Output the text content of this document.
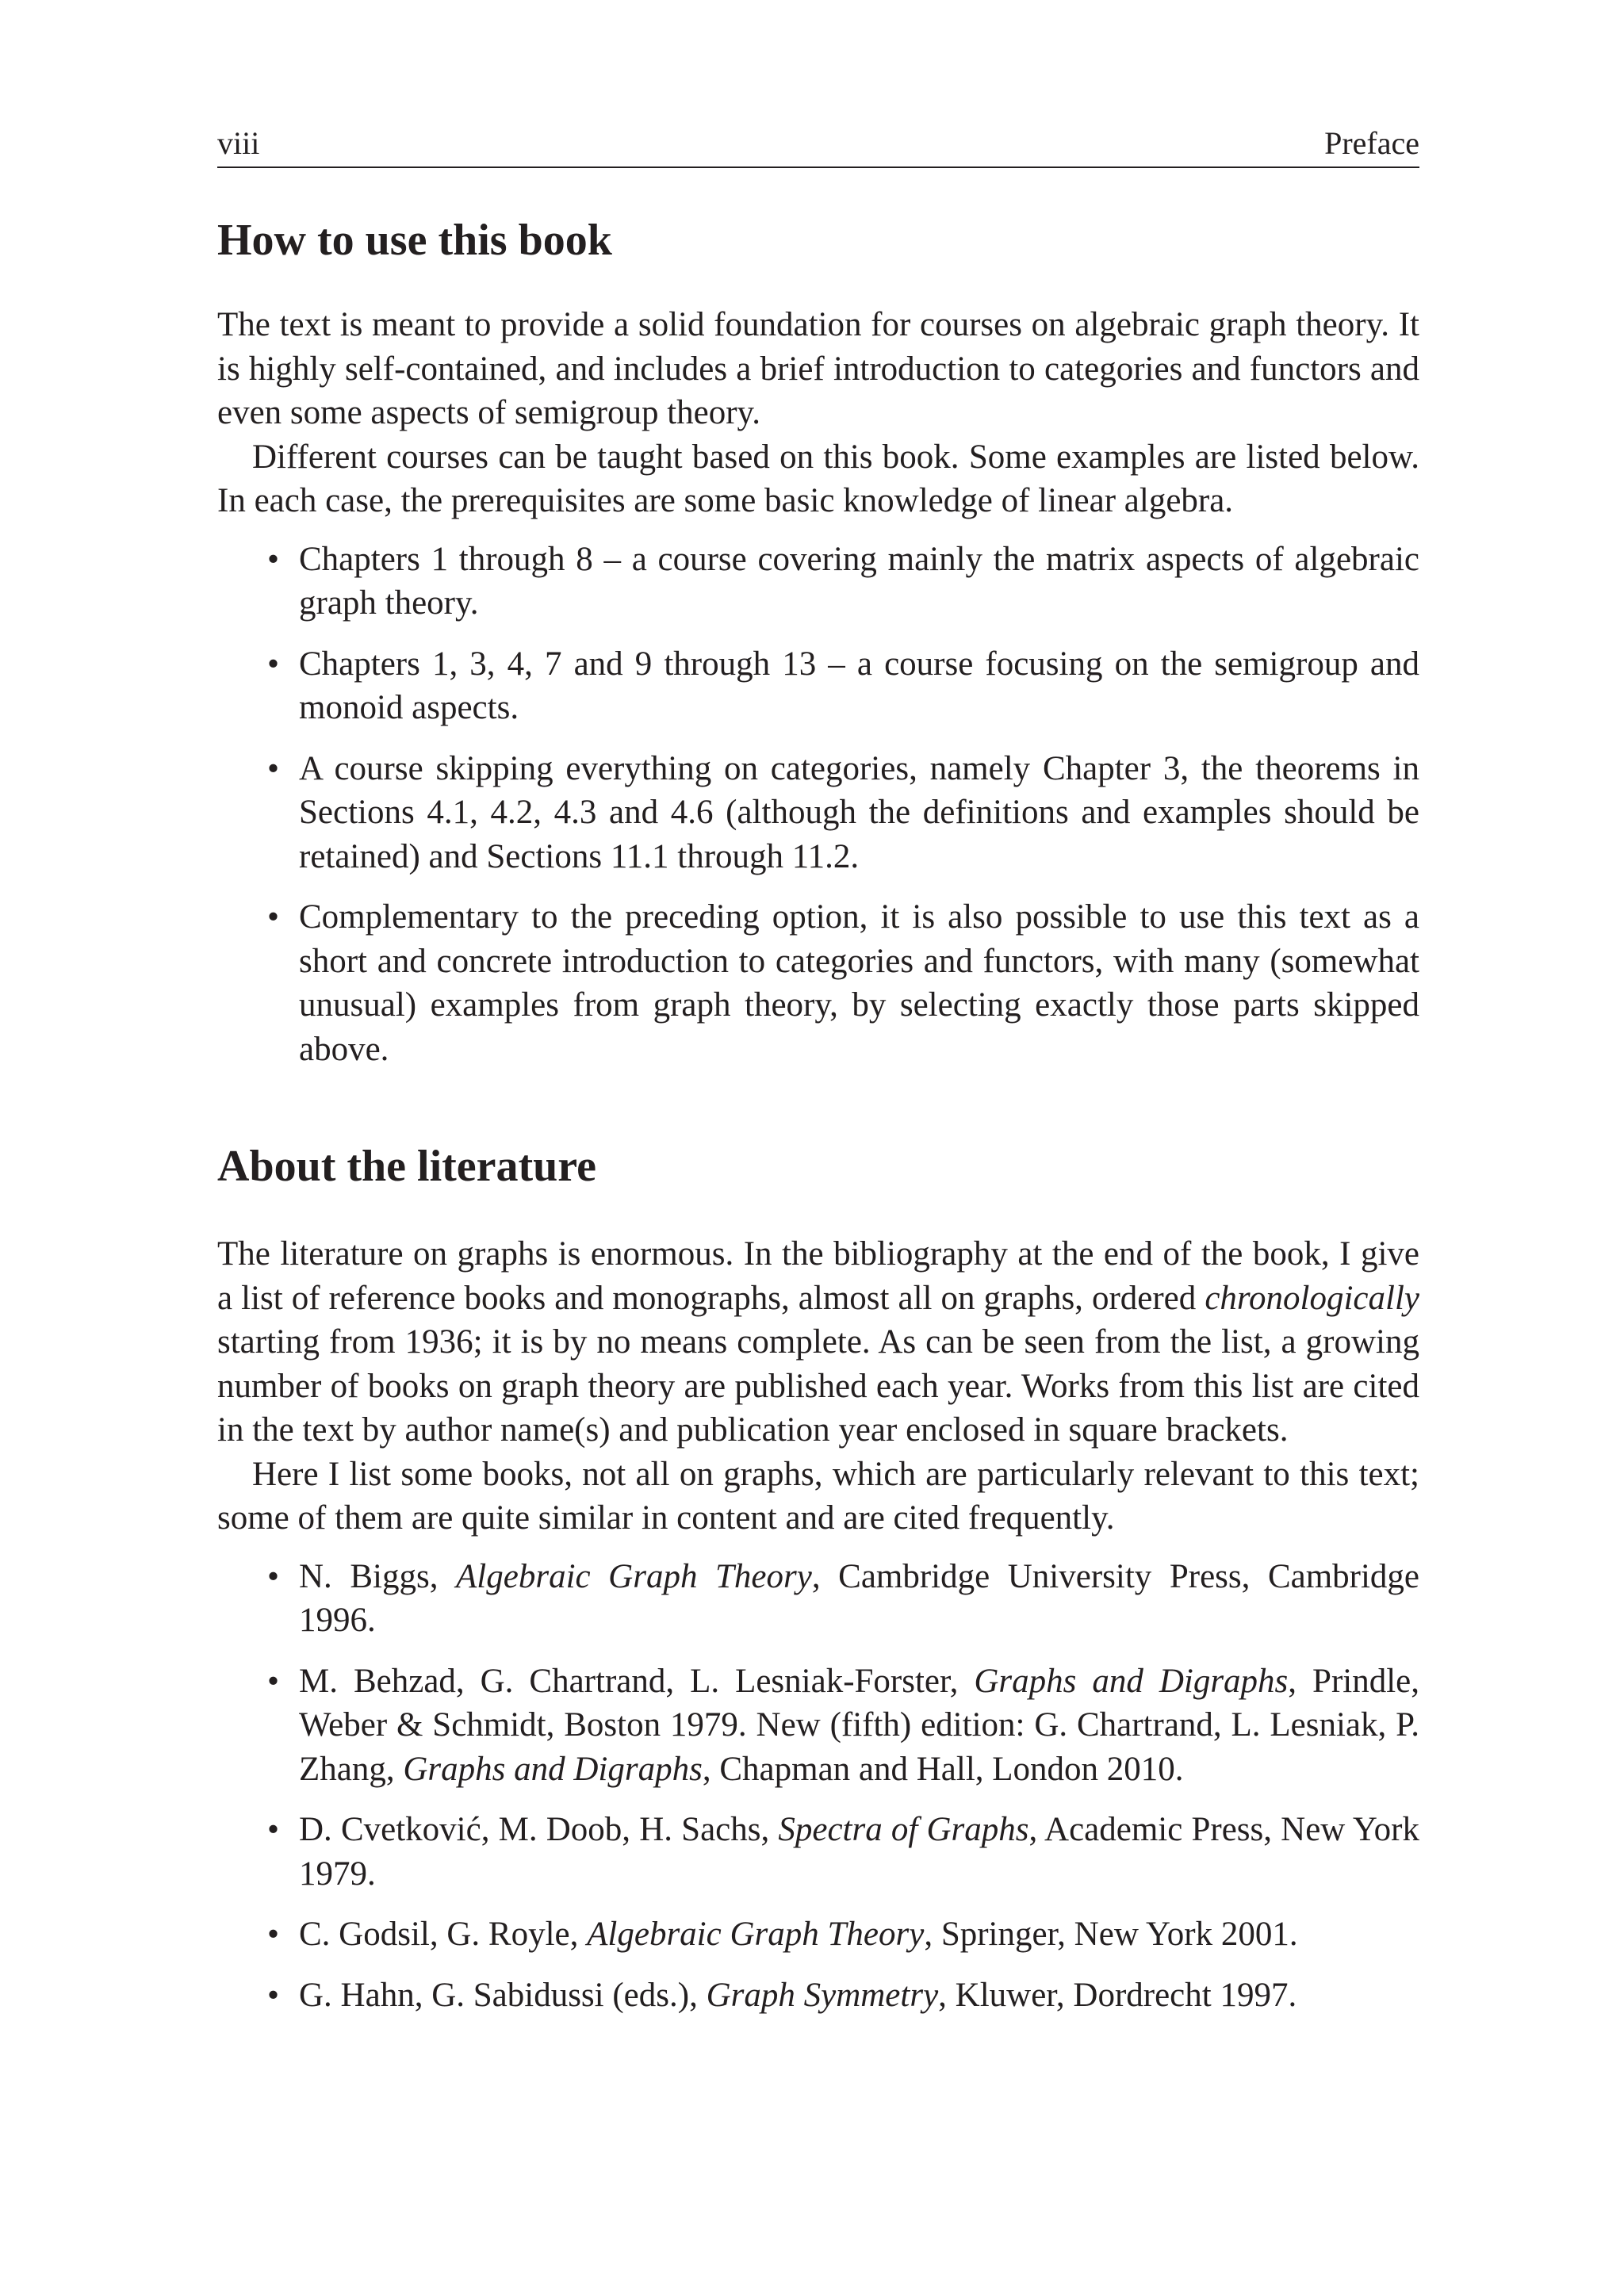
viii	Preface
How to use this book

The text is meant to provide a solid foundation for courses on algebraic graph theory. It is highly self-contained, and includes a brief introduction to categories and functors and even some aspects of semigroup theory.

Different courses can be taught based on this book. Some examples are listed below. In each case, the prerequisites are some basic knowledge of linear algebra.

• Chapters 1 through 8 – a course covering mainly the matrix aspects of algebraic graph theory.
• Chapters 1, 3, 4, 7 and 9 through 13 – a course focusing on the semigroup and monoid aspects.
• A course skipping everything on categories, namely Chapter 3, the theorems in Sections 4.1, 4.2, 4.3 and 4.6 (although the definitions and examples should be retained) and Sections 11.1 through 11.2.
• Complementary to the preceding option, it is also possible to use this text as a short and concrete introduction to categories and functors, with many (somewhat unusual) examples from graph theory, by selecting exactly those parts skipped above.
About the literature

The literature on graphs is enormous. In the bibliography at the end of the book, I give a list of reference books and monographs, almost all on graphs, ordered chronologically starting from 1936; it is by no means complete. As can be seen from the list, a growing number of books on graph theory are published each year. Works from this list are cited in the text by author name(s) and publication year enclosed in square brackets.

Here I list some books, not all on graphs, which are particularly relevant to this text; some of them are quite similar in content and are cited frequently.

• N. Biggs, Algebraic Graph Theory, Cambridge University Press, Cambridge 1996.
• M. Behzad, G. Chartrand, L. Lesniak-Forster, Graphs and Digraphs, Prindle, Weber & Schmidt, Boston 1979. New (fifth) edition: G. Chartrand, L. Lesniak, P. Zhang, Graphs and Digraphs, Chapman and Hall, London 2010.
• D. Cvetković, M. Doob, H. Sachs, Spectra of Graphs, Academic Press, New York 1979.
• C. Godsil, G. Royle, Algebraic Graph Theory, Springer, New York 2001.
• G. Hahn, G. Sabidussi (eds.), Graph Symmetry, Kluwer, Dordrecht 1997.
